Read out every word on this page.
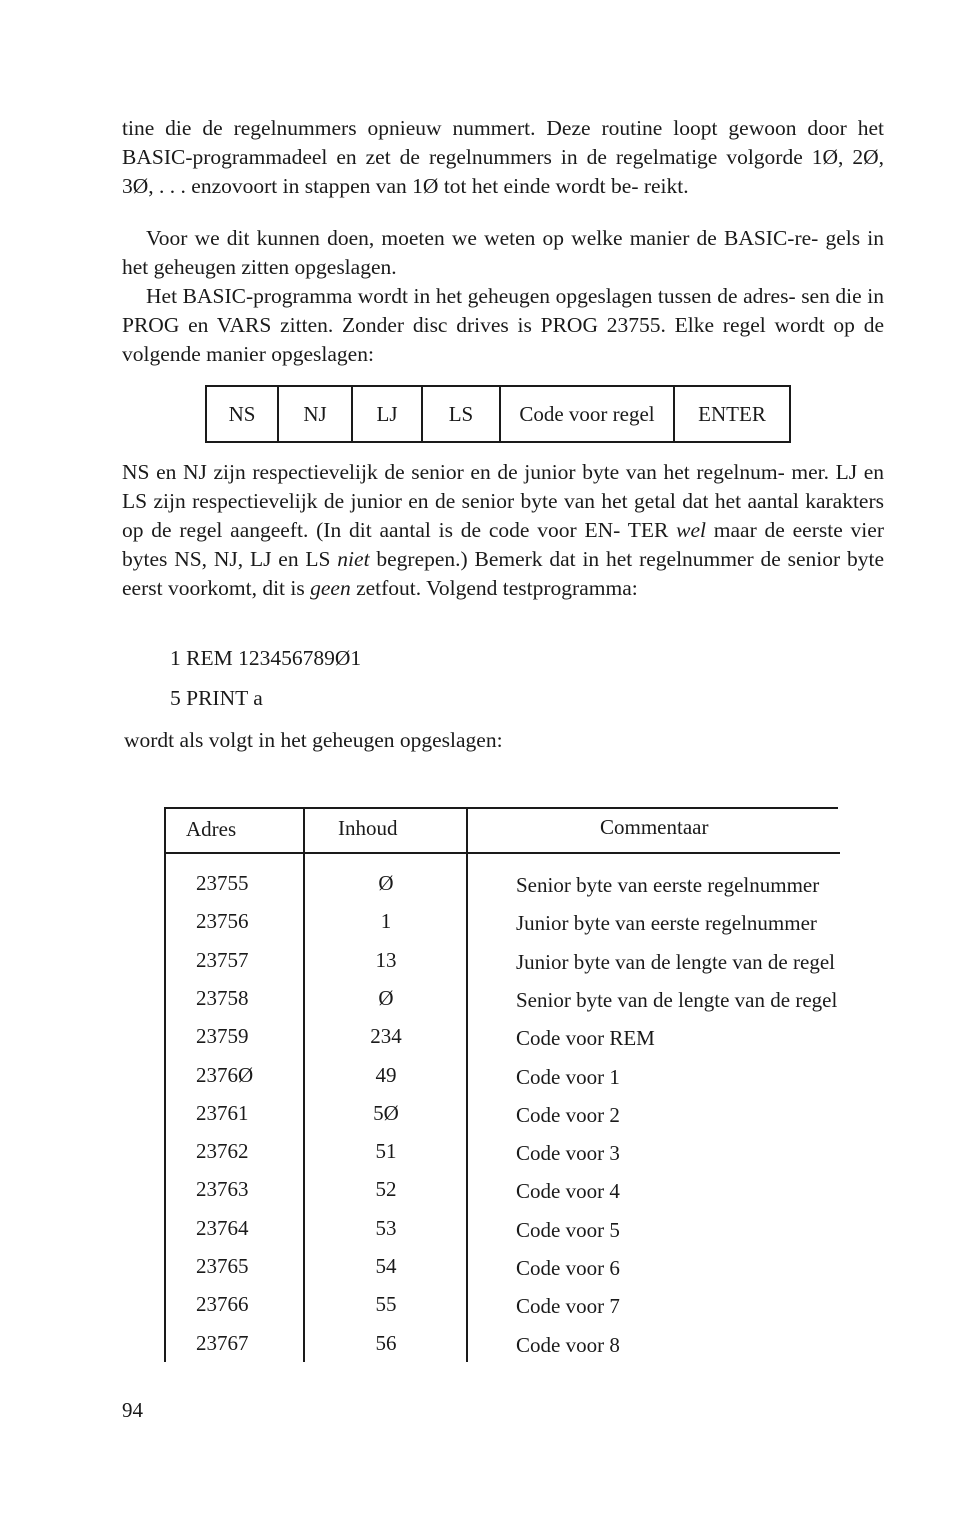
tine die de regelnummers opnieuw nummert. Deze routine loopt gewoon door het BASIC-programmadeel en zet de regelnummers in de regelmatige volgorde 1Ø, 2Ø, 3Ø, . . . enzovoort in stappen van 1Ø tot het einde wordt be- reikt.

Voor we dit kunnen doen, moeten we weten op welke manier de BASIC-re- gels in het geheugen zitten opgeslagen.

Het BASIC-programma wordt in het geheugen opgeslagen tussen de adres- sen die in PROG en VARS zitten. Zonder disc drives is PROG 23755. Elke regel wordt op de volgende manier opgeslagen:

NS	NJ	LJ	LS	Code voor regel	ENTER

NS en NJ zijn respectievelijk de senior en de junior byte van het regelnum- mer. LJ en LS zijn respectievelijk de junior en de senior byte van het getal dat het aantal karakters op de regel aangeeft. (In dit aantal is de code voor EN- TER wel maar de eerste vier bytes NS, NJ, LJ en LS niet begrepen.) Bemerk dat in het regelnummer de senior byte eerst voorkomt, dit is geen zetfout. Volgend testprogramma:

1 REM 123456789Ø1
5 PRINT a
wordt als volgt in het geheugen opgeslagen:
Adres	Inhoud	Commentaar
23755	Ø	Senior byte van eerste regelnummer
23756	1	Junior byte van eerste regelnummer
23757	13	Junior byte van de lengte van de regel
23758	Ø	Senior byte van de lengte van de regel
23759	234	Code voor REM
2376Ø	49	Code voor 1
23761	5Ø	Code voor 2
23762	51	Code voor 3
23763	52	Code voor 4
23764	53	Code voor 5
23765	54	Code voor 6
23766	55	Code voor 7
23767	56	Code voor 8
94
